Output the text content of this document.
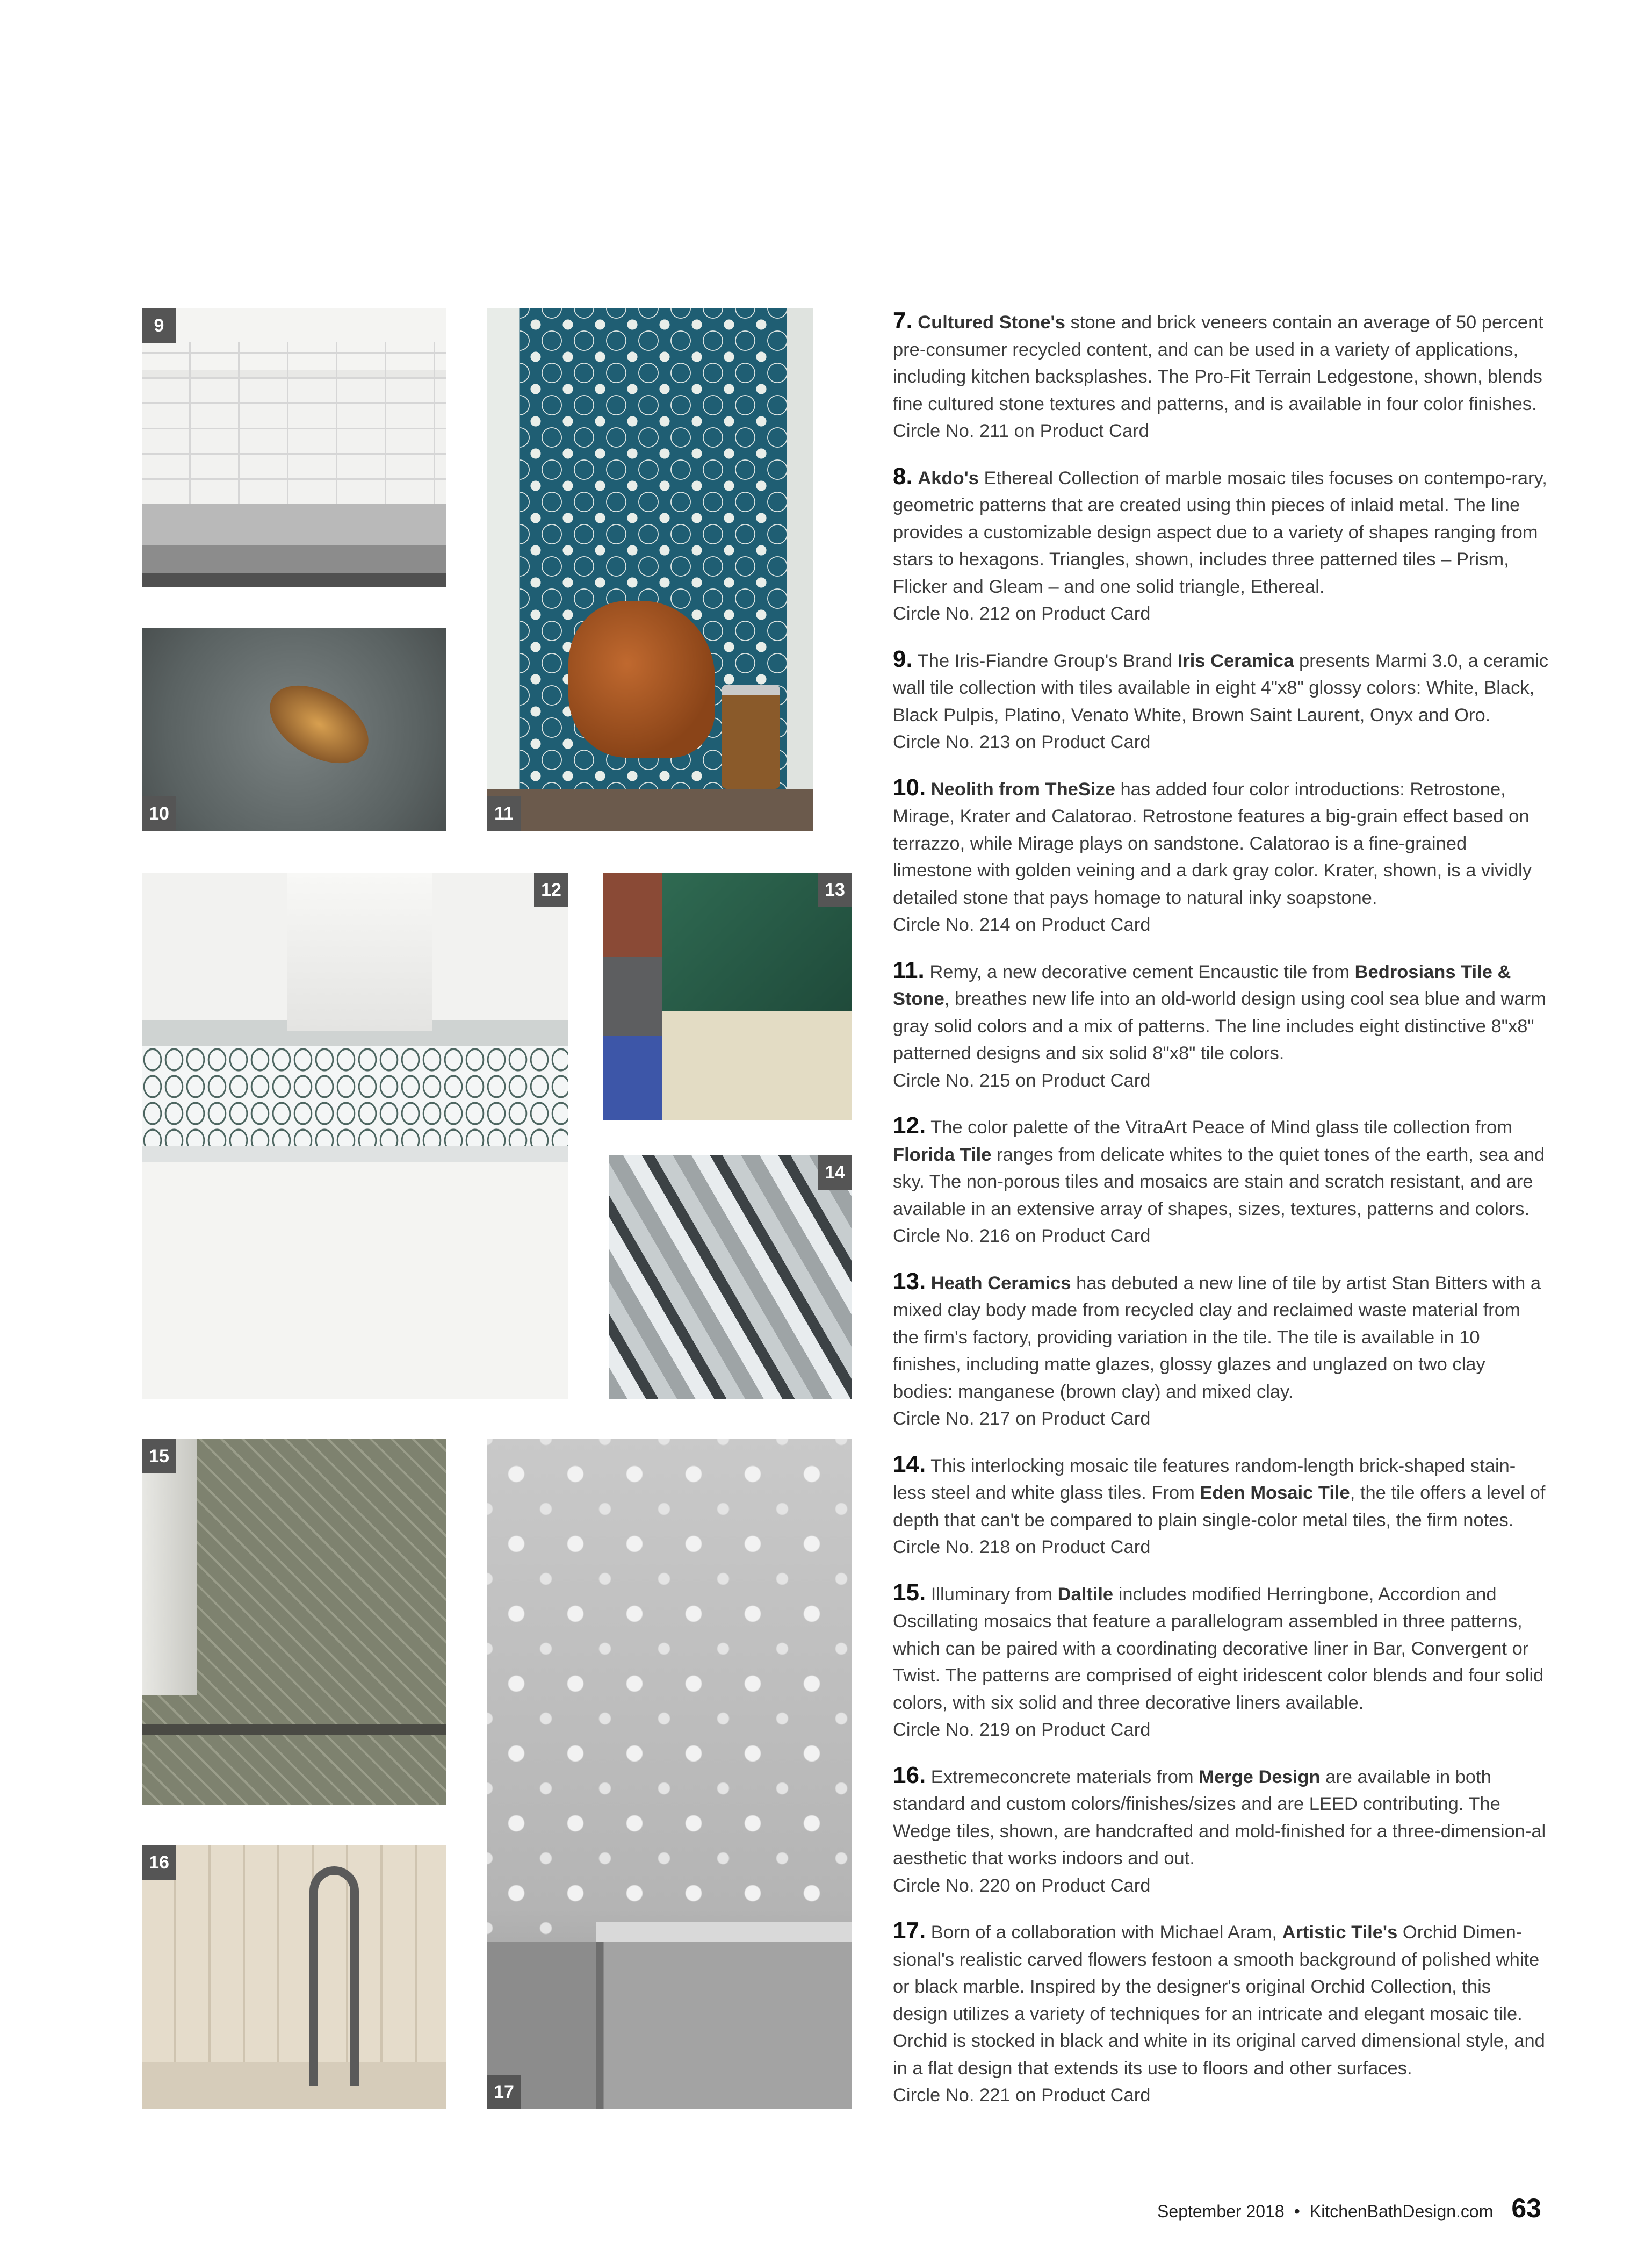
9
10	11
12	13
14
15
16
17
7. Cultured Stone's stone and brick veneers contain an average of 50 percent pre-consumer recycled content, and can be used in a variety of applications, including kitchen backsplashes. The Pro-Fit Terrain Ledgestone, shown, blends fine cultured stone textures and patterns, and is available in four color finishes.
Circle No. 211 on Product Card
8. Akdo's Ethereal Collection of marble mosaic tiles focuses on contempo-rary, geometric patterns that are created using thin pieces of inlaid metal. The line provides a customizable design aspect due to a variety of shapes ranging from stars to hexagons. Triangles, shown, includes three patterned tiles – Prism, Flicker and Gleam – and one solid triangle, Ethereal.
Circle No. 212 on Product Card
9. The Iris-Fiandre Group's Brand Iris Ceramica presents Marmi 3.0, a ceramic wall tile collection with tiles available in eight 4"x8" glossy colors: White, Black, Black Pulpis, Platino, Venato White, Brown Saint Laurent, Onyx and Oro.
Circle No. 213 on Product Card
10. Neolith from TheSize has added four color introductions: Retrostone, Mirage, Krater and Calatorao. Retrostone features a big-grain effect based on terrazzo, while Mirage plays on sandstone. Calatorao is a fine-grained limestone with golden veining and a dark gray color. Krater, shown, is a vividly detailed stone that pays homage to natural inky soapstone.
Circle No. 214 on Product Card
11. Remy, a new decorative cement Encaustic tile from Bedrosians Tile & Stone, breathes new life into an old-world design using cool sea blue and warm gray solid colors and a mix of patterns. The line includes eight distinctive 8"x8" patterned designs and six solid 8"x8" tile colors.
Circle No. 215 on Product Card
12. The color palette of the VitraArt Peace of Mind glass tile collection from Florida Tile ranges from delicate whites to the quiet tones of the earth, sea and sky. The non-porous tiles and mosaics are stain and scratch resistant, and are available in an extensive array of shapes, sizes, textures, patterns and colors.
Circle No. 216 on Product Card
13. Heath Ceramics has debuted a new line of tile by artist Stan Bitters with a mixed clay body made from recycled clay and reclaimed waste material from the firm's factory, providing variation in the tile. The tile is available in 10 finishes, including matte glazes, glossy glazes and unglazed on two clay bodies: manganese (brown clay) and mixed clay.
Circle No. 217 on Product Card
14. This interlocking mosaic tile features random-length brick-shaped stain-less steel and white glass tiles. From Eden Mosaic Tile, the tile offers a level of depth that can't be compared to plain single-color metal tiles, the firm notes.
Circle No. 218 on Product Card
15. Illuminary from Daltile includes modified Herringbone, Accordion and Oscillating mosaics that feature a parallelogram assembled in three patterns, which can be paired with a coordinating decorative liner in Bar, Convergent or Twist. The patterns are comprised of eight iridescent color blends and four solid colors, with six solid and three decorative liners available.
Circle No. 219 on Product Card
16. Extremeconcrete materials from Merge Design are available in both standard and custom colors/finishes/sizes and are LEED contributing. The Wedge tiles, shown, are handcrafted and mold-finished for a three-dimension-al aesthetic that works indoors and out.
Circle No. 220 on Product Card
17. Born of a collaboration with Michael Aram, Artistic Tile's Orchid Dimen-sional's realistic carved flowers festoon a smooth background of polished white or black marble. Inspired by the designer's original Orchid Collection, this design utilizes a variety of techniques for an intricate and elegant mosaic tile. Orchid is stocked in black and white in its original carved dimensional style, and in a flat design that extends its use to floors and other surfaces.
Circle No. 221 on Product Card
September 2018 • KitchenBathDesign.com 63
